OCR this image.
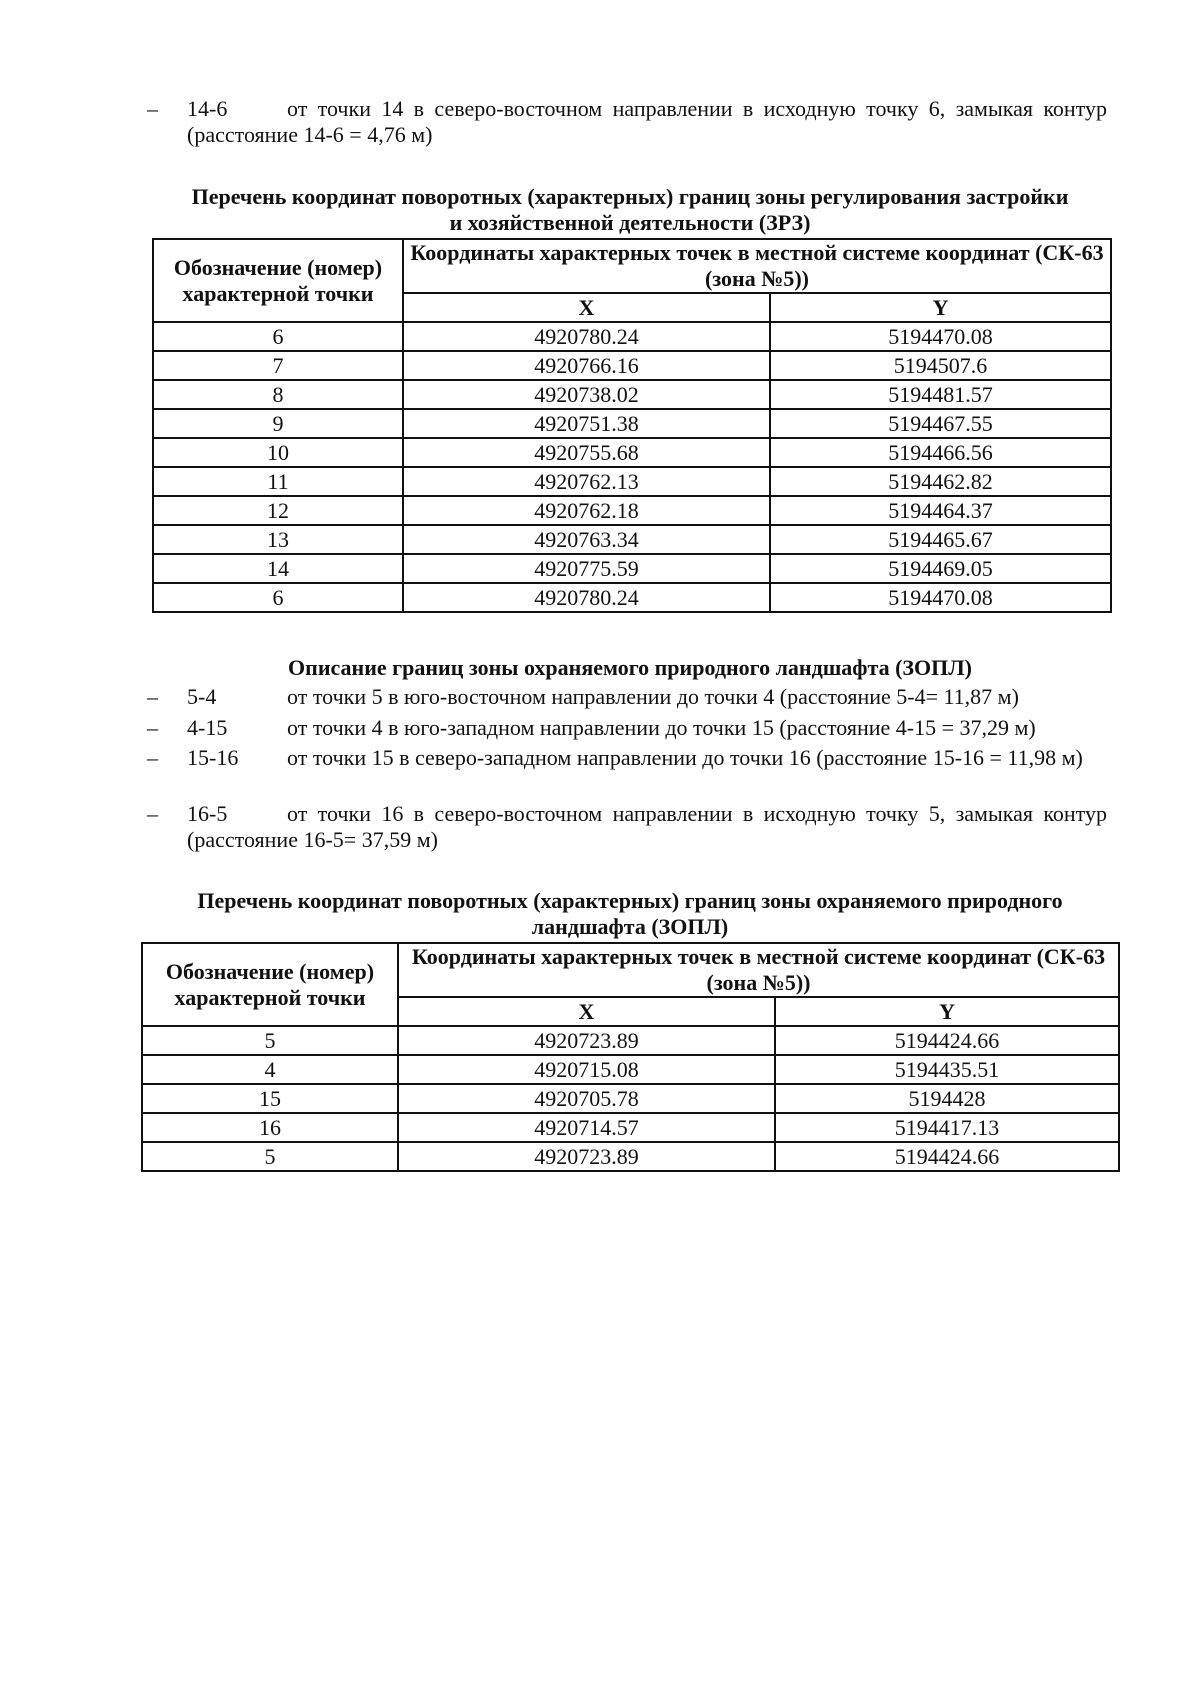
– 14-6	от точки 14 в северо-восточном направлении в исходную точку 6, замыкая контур (расстояние 14-6 = 4,76 м)
Перечень координат поворотных (характерных) границ зоны регулирования застройки
и хозяйственной деятельности (ЗРЗ)
Обозначение (номер) характерной точки	Координаты характерных точек в местной системе координат (СК-63 (зона №5))	
	X	Y
6	4920780.24	5194470.08
7	4920766.16	5194507.6
8	4920738.02	5194481.57
9	4920751.38	5194467.55
10	4920755.68	5194466.56
11	4920762.13	5194462.82
12	4920762.18	5194464.37
13	4920763.34	5194465.67
14	4920775.59	5194469.05
6	4920780.24	5194470.08
Описание границ зоны охраняемого природного ландшафта (ЗОПЛ)
– 5-4	от точки 5 в юго-восточном направлении до точки 4 (расстояние 5-4= 11,87 м)
– 4-15	от точки 4 в юго-западном направлении до точки 15 (расстояние 4-15 = 37,29 м)
– 15-16	от точки 15 в северо-западном направлении до точки 16 (расстояние 15-16 = 11,98 м)
– 16-5	от точки 16 в северо-восточном направлении в исходную точку 5, замыкая контур (расстояние 16-5= 37,59 м)
Перечень координат поворотных (характерных) границ зоны охраняемого природного
ландшафта (ЗОПЛ)
Обозначение (номер) характерной точки	Координаты характерных точек в местной системе координат (СК-63 (зона №5))	
	X	Y
5	4920723.89	5194424.66
4	4920715.08	5194435.51
15	4920705.78	5194428
16	4920714.57	5194417.13
5	4920723.89	5194424.66
